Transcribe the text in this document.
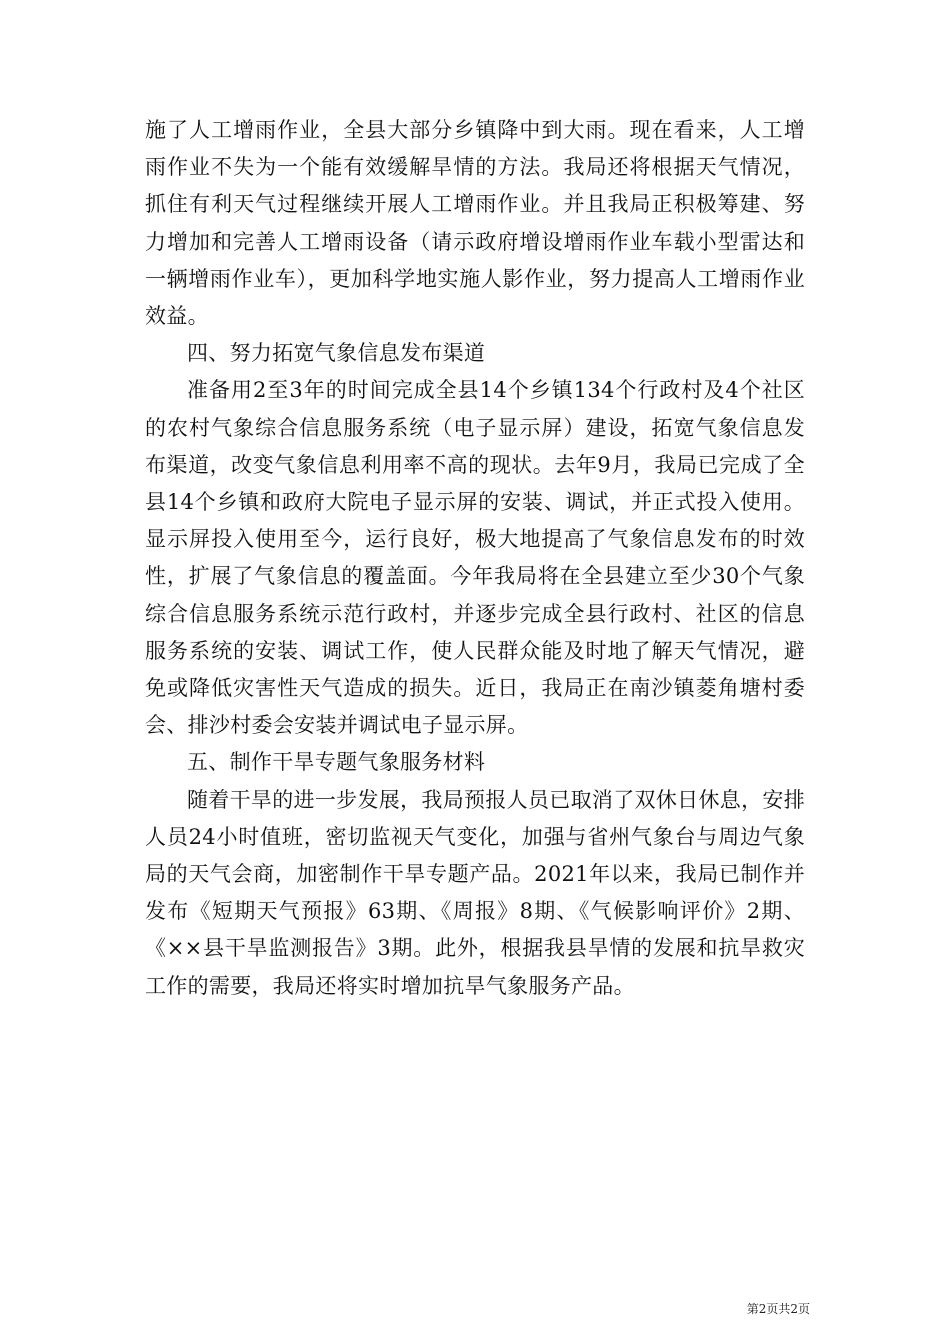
施了人工增雨作业，全县大部分乡镇降中到大雨。现在看来，人工增雨作业不失为一个能有效缓解旱情的方法。我局还将根据天气情况，抓住有利天气过程继续开展人工增雨作业。并且我局正积极筹建、努力增加和完善人工增雨设备（请示政府增设增雨作业车载小型雷达和一辆增雨作业车），更加科学地实施人影作业，努力提高人工增雨作业效益。

四、努力拓宽气象信息发布渠道

准备用2至3年的时间完成全县14个乡镇134个行政村及4个社区的农村气象综合信息服务系统（电子显示屏）建设，拓宽气象信息发布渠道，改变气象信息利用率不高的现状。去年9月，我局已完成了全县14个乡镇和政府大院电子显示屏的安装、调试，并正式投入使用。显示屏投入使用至今，运行良好，极大地提高了气象信息发布的时效性，扩展了气象信息的覆盖面。今年我局将在全县建立至少30个气象综合信息服务系统示范行政村，并逐步完成全县行政村、社区的信息服务系统的安装、调试工作，使人民群众能及时地了解天气情况，避免或降低灾害性天气造成的损失。近日，我局正在南沙镇菱角塘村委会、排沙村委会安装并调试电子显示屏。

五、制作干旱专题气象服务材料

随着干旱的进一步发展，我局预报人员已取消了双休日休息，安排人员24小时值班，密切监视天气变化，加强与省州气象台与周边气象局的天气会商，加密制作干旱专题产品。2021年以来，我局已制作并发布《短期天气预报》63期、《周报》8期、《气候影响评价》2期、《××县干旱监测报告》3期。此外，根据我县旱情的发展和抗旱救灾工作的需要，我局还将实时增加抗旱气象服务产品。

第2页共2页
